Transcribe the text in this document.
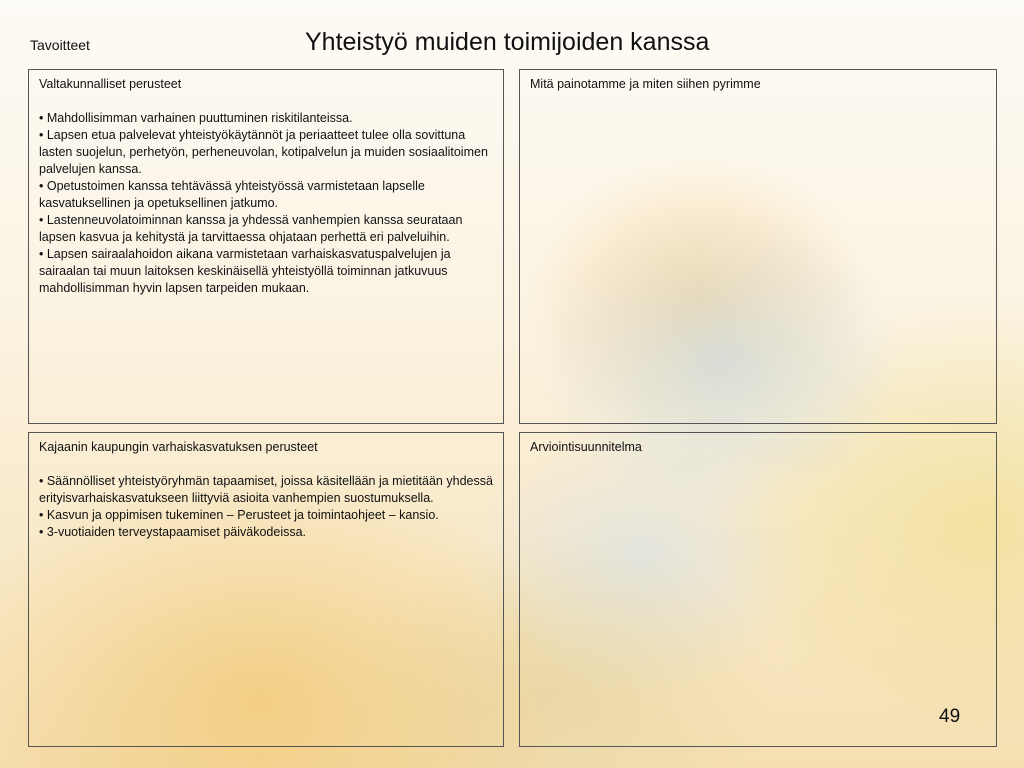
Tavoitteet	Yhteistyö muiden toimijoiden kanssa
Valtakunnalliset perusteet
• Mahdollisimman varhainen puuttuminen riskitilanteissa.
• Lapsen etua palvelevat yhteistyökäytännöt ja periaatteet tulee olla sovittuna lasten suojelun, perhetyön, perheneuvolan, kotipalvelun ja muiden sosiaalitoimen palvelujen kanssa.
• Opetustoimen kanssa tehtävässä yhteistyössä varmistetaan lapselle kasvatuksellinen ja opetuksellinen jatkumo.
• Lastenneuvolatoiminnan kanssa ja yhdessä vanhempien kanssa seurataan lapsen kasvua ja kehitystä ja tarvittaessa ohjataan perhettä eri palveluihin.
• Lapsen sairaalahoidon aikana varmistetaan varhaiskasvatuspalvelujen ja sairaalan tai muun laitoksen keskinäisellä yhteistyöllä toiminnan jatkuvuus mahdollisimman hyvin lapsen tarpeiden mukaan.
Mitä painotamme ja miten siihen pyrimme
Kajaanin kaupungin varhaiskasvatuksen perusteet
• Säännölliset yhteistyöryhmän tapaamiset, joissa käsitellään ja mietitään yhdessä erityisvarhaiskasvatukseen liittyviä asioita vanhempien suostumuksella.
• Kasvun ja oppimisen tukeminen – Perusteet ja toimintaohjeet – kansio.
• 3-vuotiaiden terveystapaamiset päiväkodeissa.
Arviointisuunnitelma
49
